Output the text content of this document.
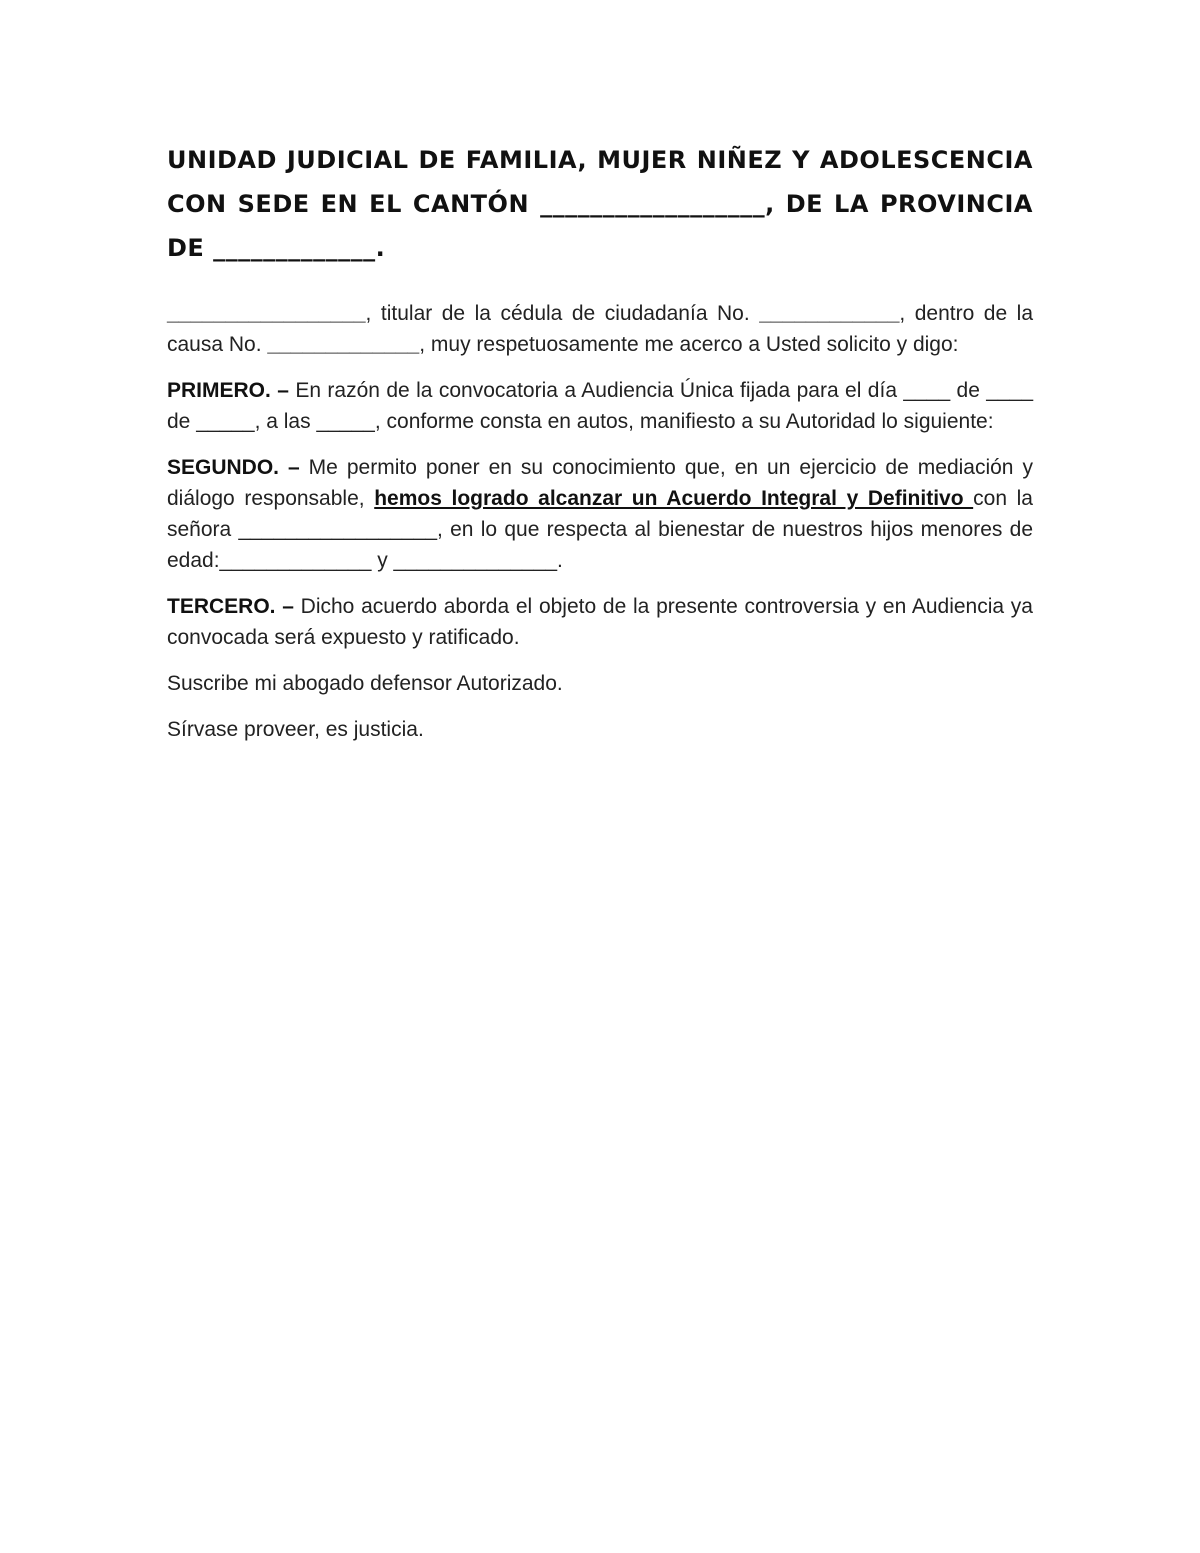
UNIDAD JUDICIAL DE FAMILIA, MUJER NIÑEZ Y ADOLESCENCIA CON SEDE EN EL CANTÓN __________________, DE LA PROVINCIA DE _____________.

_________________, titular de la cédula de ciudadanía No. ____________, dentro de la causa No. _____________, muy respetuosamente me acerco a Usted solicito y digo:

PRIMERO. – En razón de la convocatoria a Audiencia Única fijada para el día ____ de ____ de _____, a las _____, conforme consta en autos, manifiesto a su Autoridad lo siguiente:

SEGUNDO. – Me permito poner en su conocimiento que, en un ejercicio de mediación y diálogo responsable, hemos logrado alcanzar un Acuerdo Integral y Definitivo con la señora _________________, en lo que respecta al bienestar de nuestros hijos menores de edad:_____________ y ______________.

TERCERO. – Dicho acuerdo aborda el objeto de la presente controversia y en Audiencia ya convocada será expuesto y ratificado.

Suscribe mi abogado defensor Autorizado.

Sírvase proveer, es justicia.
